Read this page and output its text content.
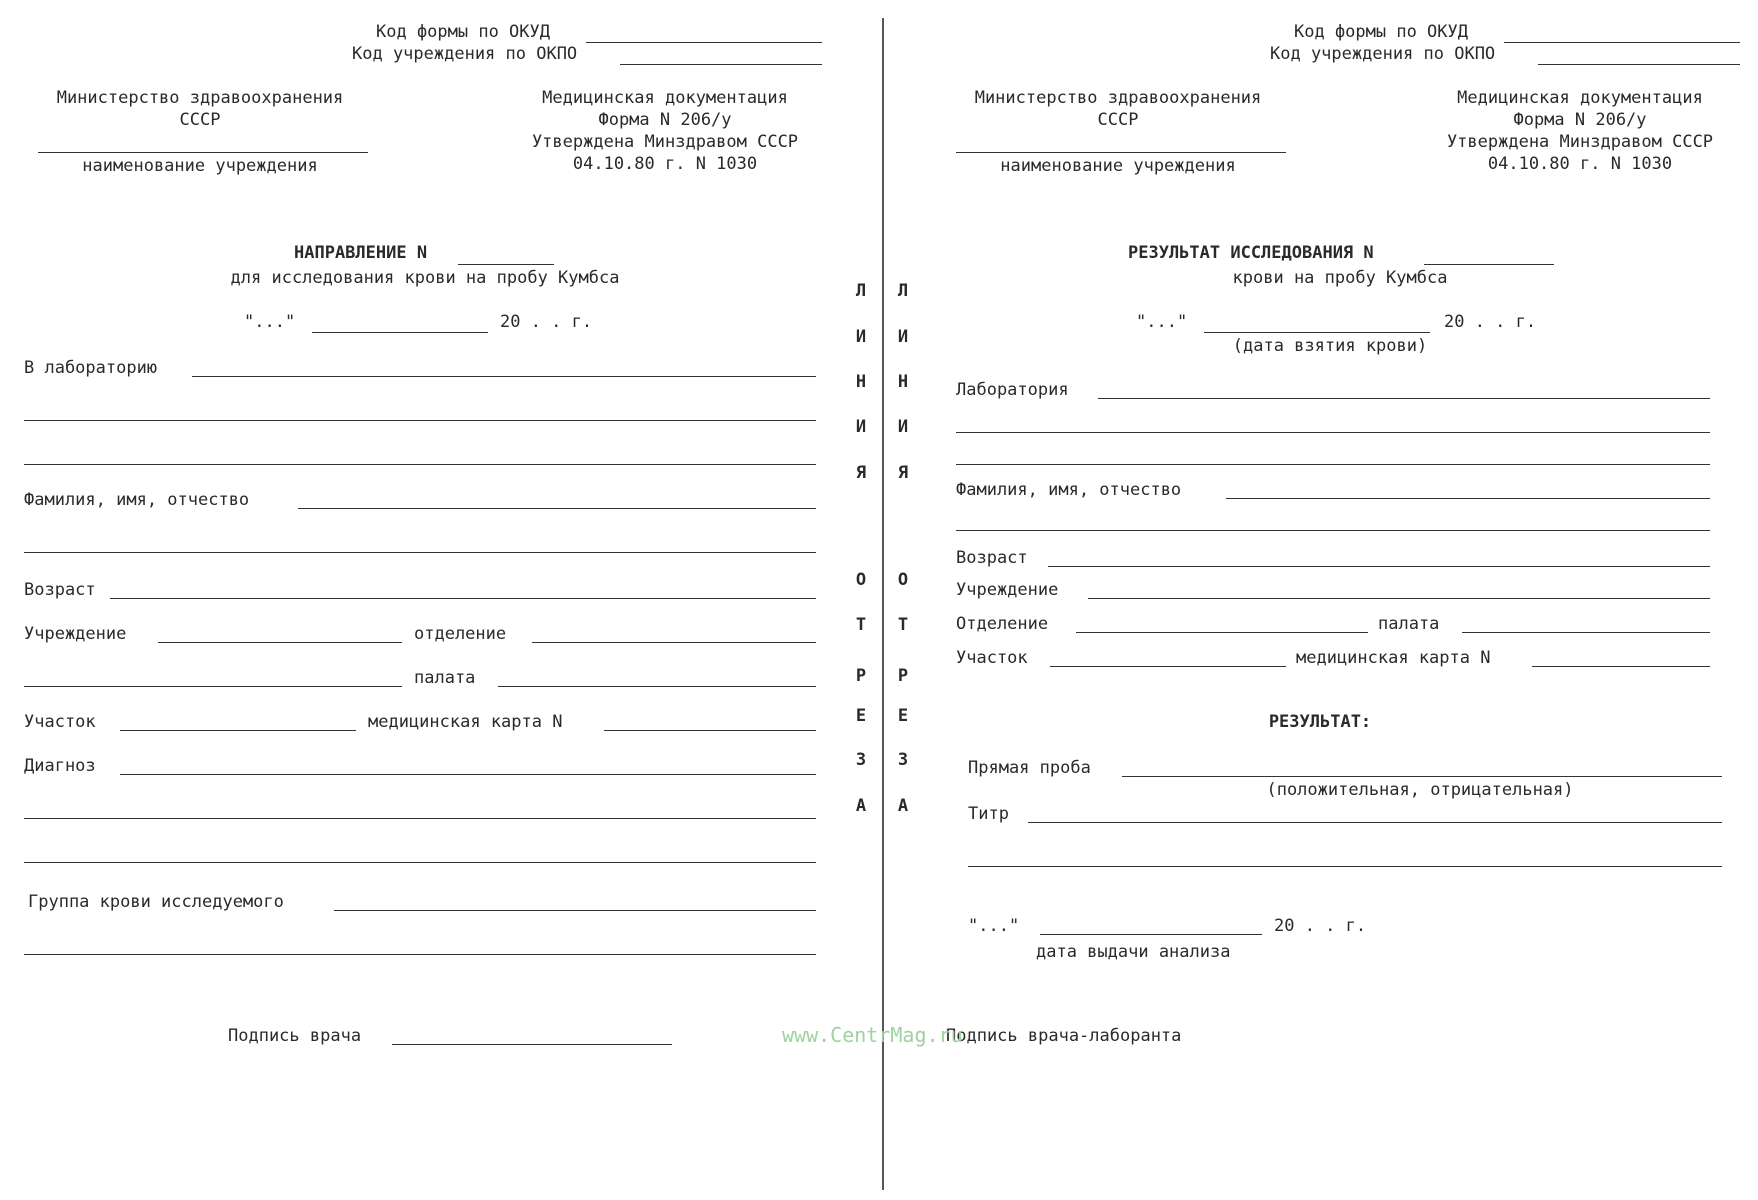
Код формы по ОКУД
Код учреждения по ОКПО
Министерство здравоохранения
СССР
наименование учреждения
Медицинская документация
Форма N 206/у
Утверждена Минздравом СССР
04.10.80 г. N 1030
НАПРАВЛЕНИЕ N
для исследования крови на пробу Кумбса
"..."	20 . . г.
В лабораторию
Фамилия, имя, отчество
Возраст
Учреждение	отделение
палата
Участок	медицинская карта N
Диагноз
Группа крови исследуемого
Подпись врача
Л
И
Н
И
Я
О
Т
Р
Е
З
А
Л
И
Н
И
Я
О
Т
Р
Е
З
А
Код формы по ОКУД
Код учреждения по ОКПО
Министерство здравоохранения
СССР
наименование учреждения
Медицинская документация
Форма N 206/у
Утверждена Минздравом СССР
04.10.80 г. N 1030
РЕЗУЛЬТАТ ИССЛЕДОВАНИЯ N
крови на пробу Кумбса
"..."	20 . . г.
(дата взятия крови)
Лаборатория
Фамилия, имя, отчество
Возраст
Учреждение
Отделение	палата
Участок	медицинская карта N
РЕЗУЛЬТАТ:
Прямая проба
(положительная, отрицательная)
Титр
"..."	20 . . г.
дата выдачи анализа
Подпись врача-лаборанта
www.CentrMag.ru
